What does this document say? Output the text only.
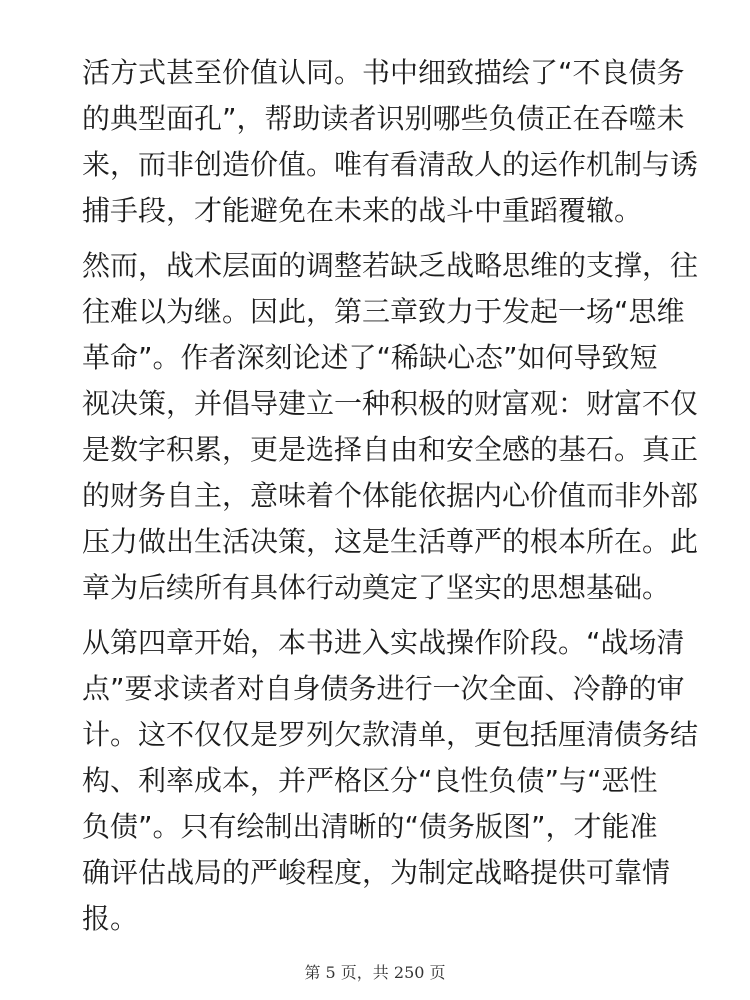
活方式甚至价值认同。书中细致描绘了“不良债务
的典型面孔”，帮助读者识别哪些负债正在吞噬未
来，而非创造价值。唯有看清敌人的运作机制与诱
捕手段，才能避免在未来的战斗中重蹈覆辙。

然而，战术层面的调整若缺乏战略思维的支撑，往
往难以为继。因此，第三章致力于发起一场“思维
革命”。作者深刻论述了“稀缺心态”如何导致短
视决策，并倡导建立一种积极的财富观：财富不仅
是数字积累，更是选择自由和安全感的基石。真正
的财务自主，意味着个体能依据内心价值而非外部
压力做出生活决策，这是生活尊严的根本所在。此
章为后续所有具体行动奠定了坚实的思想基础。

从第四章开始，本书进入实战操作阶段。“战场清
点”要求读者对自身债务进行一次全面、冷静的审
计。这不仅仅是罗列欠款清单，更包括厘清债务结
构、利率成本，并严格区分“良性负债”与“恶性
负债”。只有绘制出清晰的“债务版图”，才能准
确评估战局的严峻程度，为制定战略提供可靠情
报。

第 5 页，共 250 页
